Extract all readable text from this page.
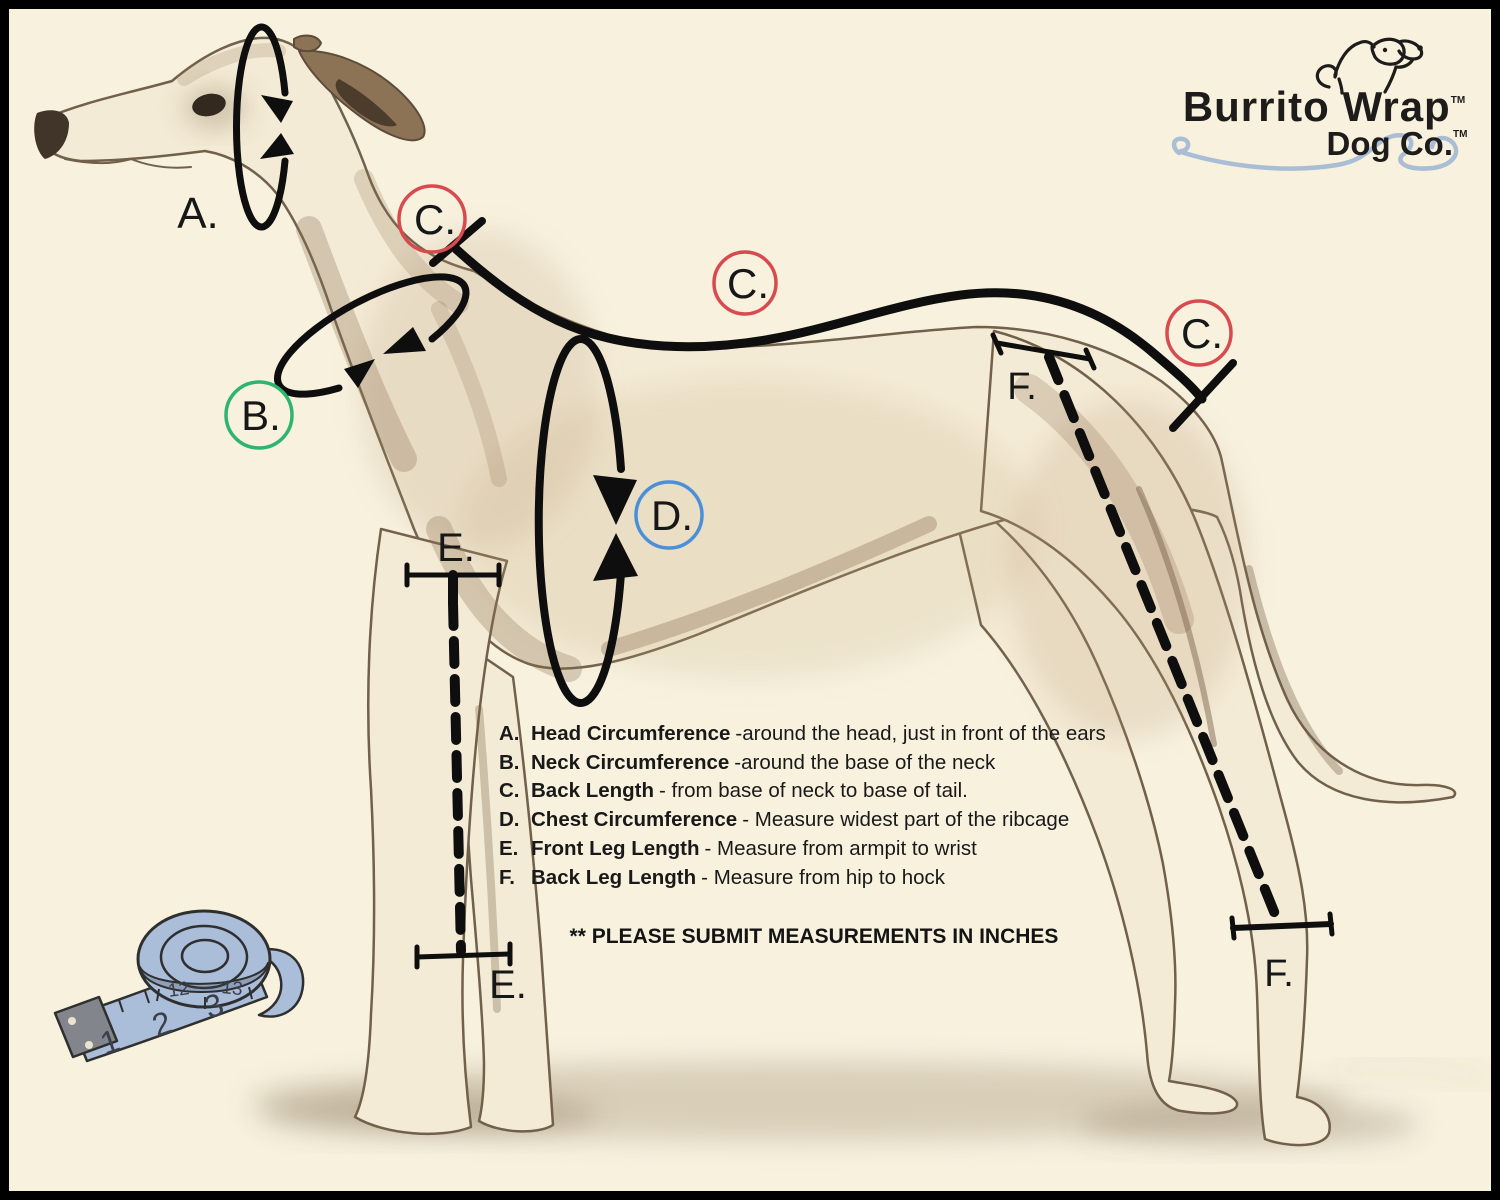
1 2 3
12 13
A.
B.
C.
C.
C.
D.
E.
E.
F.
F.
Burrito Wrap™
Dog Co.™
A. Head Circumference -around the head, just in front of the ears
B. Neck Circumference -around the base of the neck
C. Back Length - from base of neck to base of tail.
D. Chest Circumference - Measure widest part of the ribcage
E. Front Leg Length - Measure from armpit to wrist
F. Back Leg Length - Measure from hip to hock
** PLEASE SUBMIT MEASUREMENTS IN INCHES
